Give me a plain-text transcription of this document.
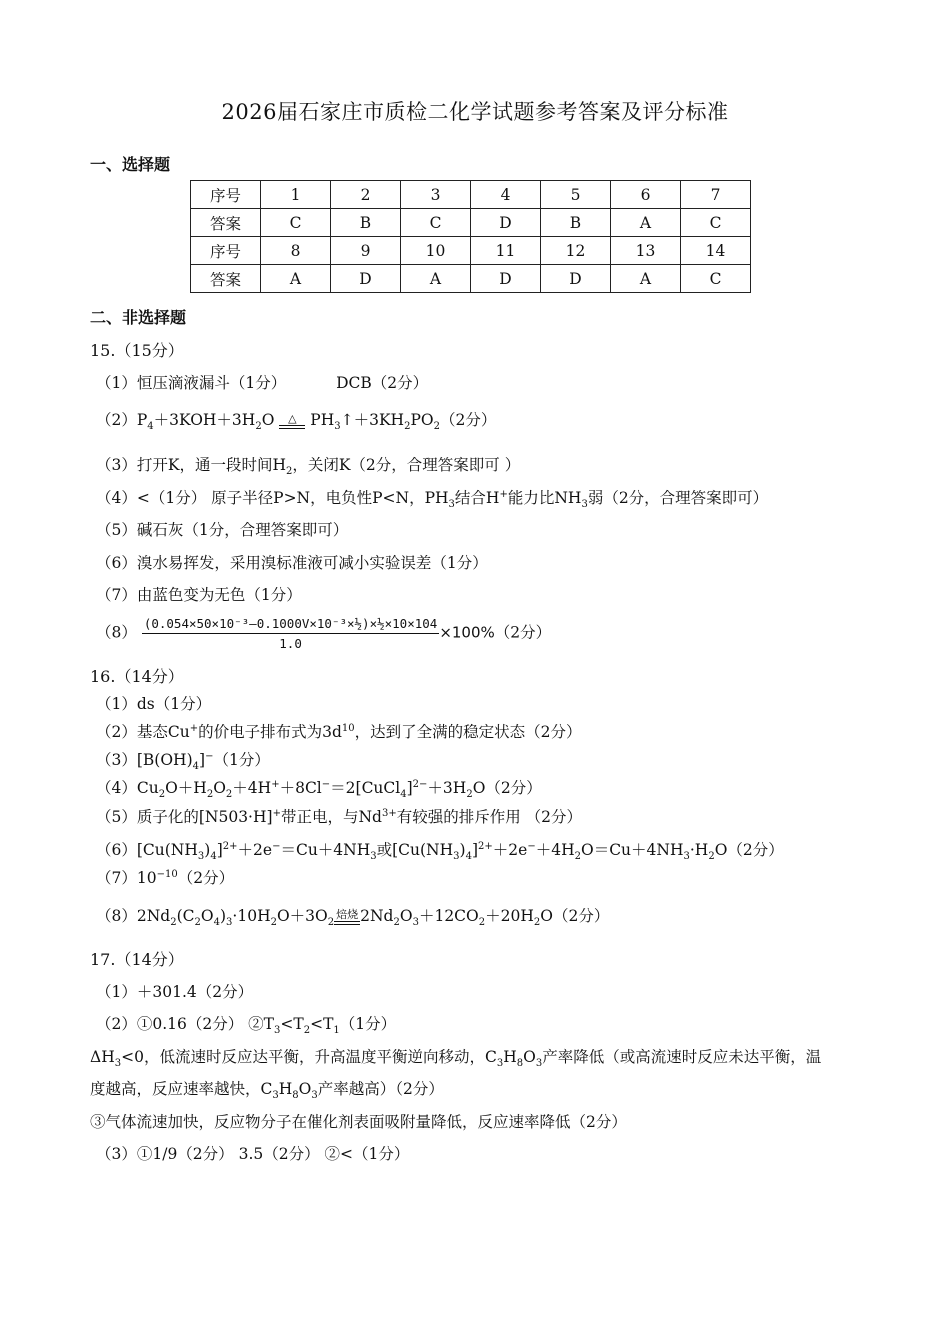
2026届石家庄市质检二化学试题参考答案及评分标准
一、选择题
序号	1	2	3	4	5	6	7
答案	C	B	C	D	B	A	C
序号	8	9	10	11	12	13	14
答案	A	D	A	D	D	A	C
二、非选择题
15.（15分）
（1）恒压滴液漏斗（1分）	DCB（2分）
$(2)P_4+3KOH+3H_2O$	△ $PH_3↑+3KH_2PO_2(2$分）
（3）打开K，通一段时间$H_2$，关闭K（2分，合理答案即可 ）
（4）<（1分） 原子半径P>N，电负性P<N，$PH_3$结合H+能力比$NH_3$弱（2分，合理答案即可）
（5）碱石灰（1分，合理答案即可）
（6）溴水易挥发，采用溴标准液可减小实验误差（1分）
（7）由蓝色变为无色（1分）
$(8) \frac{\text{(0.054×50×10⁻³–0.1000V×10⁻³×½)×½×10×104}}{1.0} \times 100\%(2$分）
16.（14分）
（1）ds（1分）
（2）基态Cu+的价电子排布式为$3d^{10}$，达到了全满的稳定状态（2分）
$(3)[B(OH)_4]^-(1$分）
$(4)Cu_2O+H_2O_2+4H^++8Cl^-=2[CuCl_4]^{2-}+3H_2O(2$分）
（5）质子化的[N503·H]+带正电，与$Nd^{3+}$有较强的排斥作用 （2分）
$(6)[Cu(NH_3)_4]^{2+}+2e^-=Cu+4NH_3$或$[Cu(NH_3)_4]^{2+}+2e^-+4H_2O=Cu+4NH_3\cdot H_2O(2$分）
$(7)10^{-10}(2$分）
$(8)2Nd_2(C_2O_4)_3\cdot 10H_2O+3O_2$
焙烧 $2Nd_2O_3+12CO_2+20H_2O(2$分）
17.（14分）
（1）＋301.4（2分）
（2）①0.16（2分） $②T_3<T_2<T_1(1$分）
$\Delta H_3<0$，低流速时反应达平衡，升高温度平衡逆向移动，$C_3H_8O_3$产率降低（或高流速时反应未达平衡，温
度越高，反应速率越快，$C_3H_8O_3$产率越高）（2分）
③气体流速加快，反应物分子在催化剂表面吸附量降低，反应速率降低（2分）
（3）①1/9（2分） 3.5（2分） ②<（1分）
